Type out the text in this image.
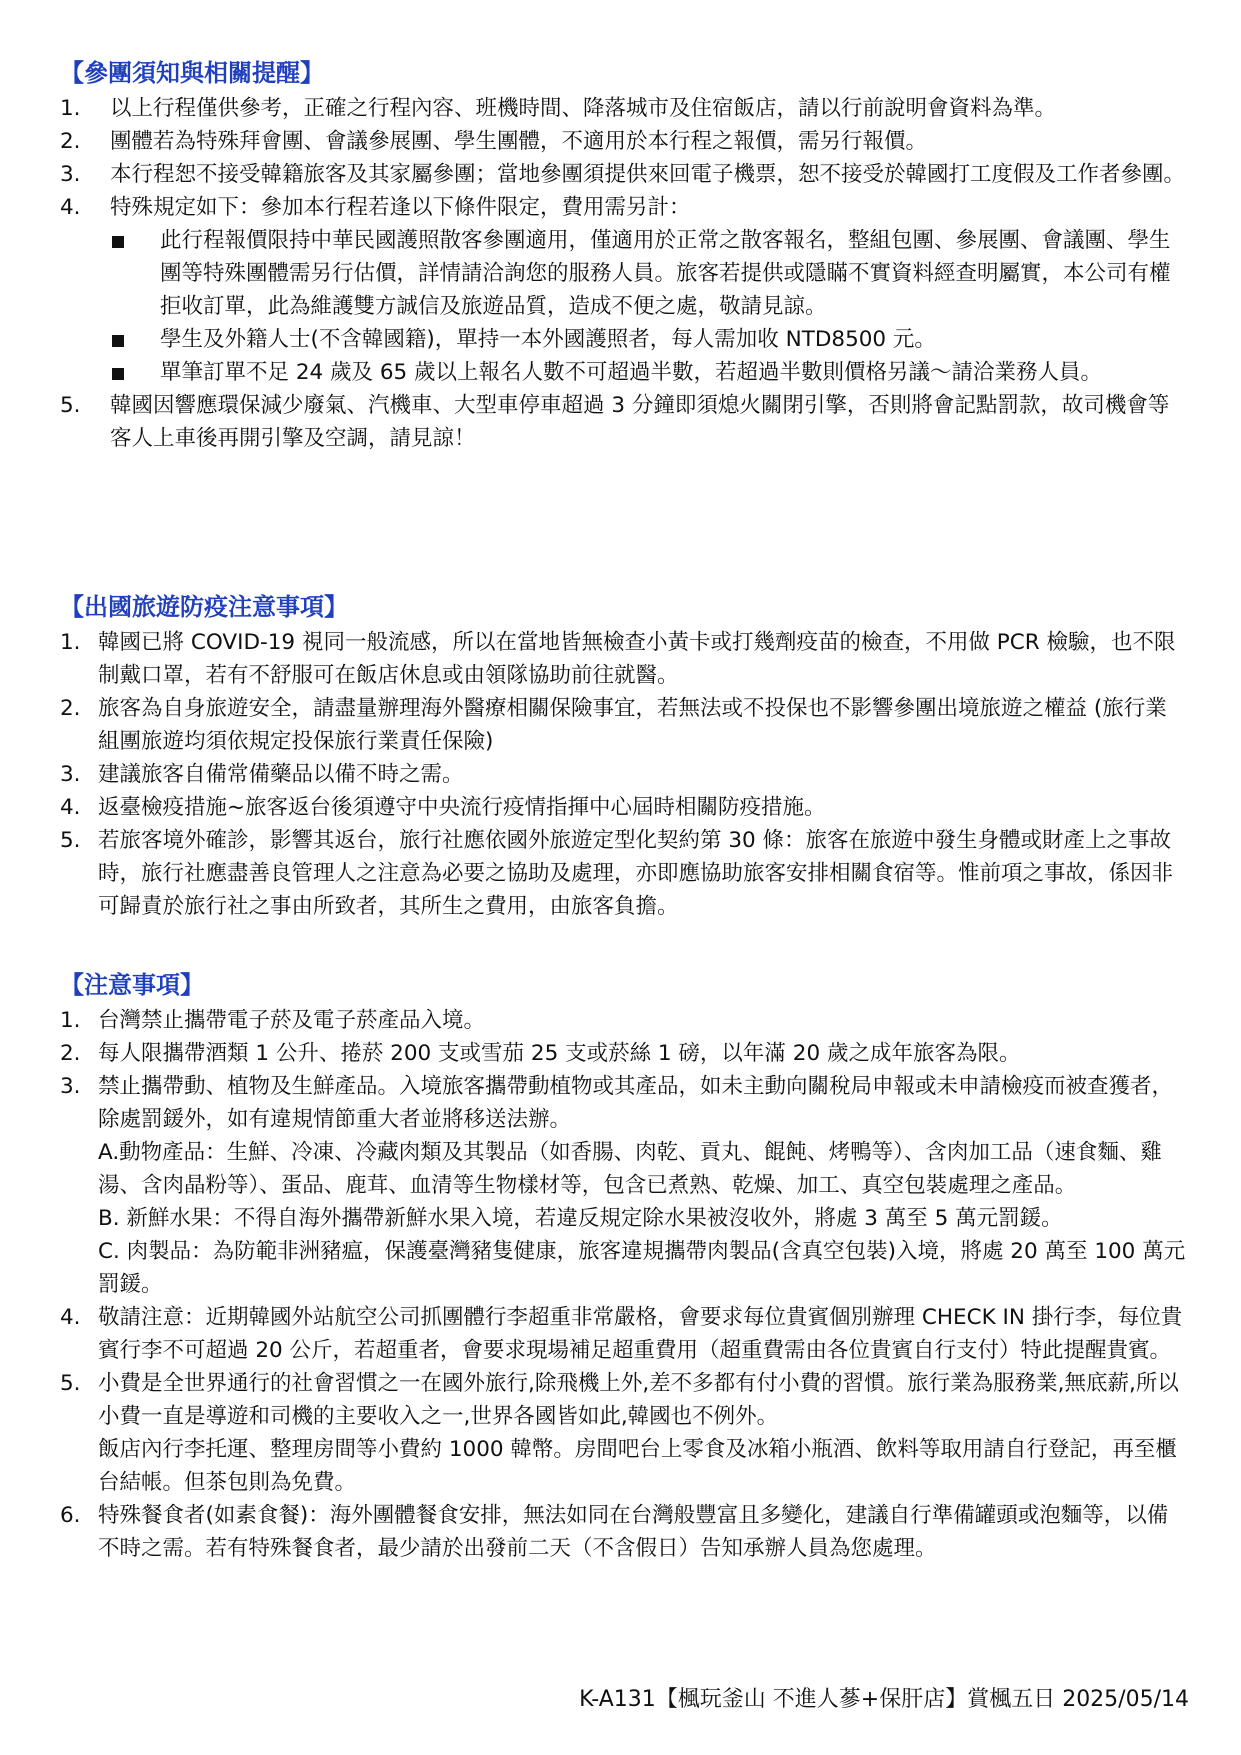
【參團須知與相關提醒】
1. 以上行程僅供參考，正確之行程內容、班機時間、降落城市及住宿飯店，請以行前說明會資料為準。
2. 團體若為特殊拜會團、會議參展團、學生團體，不適用於本行程之報價，需另行報價。
3. 本行程恕不接受韓籍旅客及其家屬參團；當地參團須提供來回電子機票，恕不接受於韓國打工度假及工作者參團。
4. 特殊規定如下：參加本行程若逢以下條件限定，費用需另計：
此行程報價限持中華民國護照散客參團適用，僅適用於正常之散客報名，整組包團、參展團、會議團、學生團等特殊團體需另行估價，詳情請洽詢您的服務人員。旅客若提供或隱瞞不實資料經查明屬實，本公司有權拒收訂單，此為維護雙方誠信及旅遊品質，造成不便之處，敬請見諒。
學生及外籍人士(不含韓國籍)，單持一本外國護照者，每人需加收 NTD8500 元。
單筆訂單不足 24 歲及 65 歲以上報名人數不可超過半數，若超過半數則價格另議～請洽業務人員。
5. 韓國因響應環保減少廢氣、汽機車、大型車停車超過 3 分鐘即須熄火關閉引擎，否則將會記點罰款，故司機會等客人上車後再開引擎及空調，請見諒！
【出國旅遊防疫注意事項】
1. 韓國已將 COVID-19 視同一般流感，所以在當地皆無檢查小黃卡或打幾劑疫苗的檢查，不用做 PCR 檢驗，也不限制戴口罩，若有不舒服可在飯店休息或由領隊協助前往就醫。
2. 旅客為自身旅遊安全，請盡量辦理海外醫療相關保險事宜，若無法或不投保也不影響參團出境旅遊之權益 (旅行業組團旅遊均須依規定投保旅行業責任保險)
3. 建議旅客自備常備藥品以備不時之需。
4. 返臺檢疫措施~旅客返台後須遵守中央流行疫情指揮中心屆時相關防疫措施。
5. 若旅客境外確診，影響其返台，旅行社應依國外旅遊定型化契約第 30 條：旅客在旅遊中發生身體或財產上之事故時，旅行社應盡善良管理人之注意為必要之協助及處理，亦即應協助旅客安排相關食宿等。惟前項之事故，係因非可歸責於旅行社之事由所致者，其所生之費用，由旅客負擔。
【注意事項】
1. 台灣禁止攜帶電子菸及電子菸產品入境。
2. 每人限攜帶酒類 1 公升、捲菸 200 支或雪茄 25 支或菸絲 1 磅，以年滿 20 歲之成年旅客為限。
3. 禁止攜帶動、植物及生鮮產品。入境旅客攜帶動植物或其產品，如未主動向關稅局申報或未申請檢疫而被查獲者，除處罰鍰外，如有違規情節重大者並將移送法辦。
A.動物產品：生鮮、冷凍、冷藏肉類及其製品（如香腸、肉乾、貢丸、餛飩、烤鴨等）、含肉加工品（速食麵、雞湯、含肉晶粉等）、蛋品、鹿茸、血清等生物樣材等，包含已煮熟、乾燥、加工、真空包裝處理之產品。
B. 新鮮水果：不得自海外攜帶新鮮水果入境，若違反規定除水果被沒收外，將處 3 萬至 5 萬元罰鍰。
C. 肉製品：為防範非洲豬瘟，保護臺灣豬隻健康，旅客違規攜帶肉製品(含真空包裝)入境，將處 20 萬至 100 萬元罰鍰。
4. 敬請注意：近期韓國外站航空公司抓團體行李超重非常嚴格，會要求每位貴賓個別辦理 CHECK IN 掛行李，每位貴賓行李不可超過 20 公斤，若超重者，會要求現場補足超重費用（超重費需由各位貴賓自行支付）特此提醒貴賓。
5. 小費是全世界通行的社會習慣之一在國外旅行,除飛機上外,差不多都有付小費的習慣。旅行業為服務業,無底薪,所以小費一直是導遊和司機的主要收入之一,世界各國皆如此,韓國也不例外。
飯店內行李托運、整理房間等小費約 1000 韓幣。房間吧台上零食及冰箱小瓶酒、飲料等取用請自行登記，再至櫃台結帳。但茶包則為免費。
6. 特殊餐食者(如素食餐)：海外團體餐食安排，無法如同在台灣般豐富且多變化，建議自行準備罐頭或泡麵等，以備不時之需。若有特殊餐食者，最少請於出發前二天（不含假日）告知承辦人員為您處理。
K-A131【楓玩釜山 不進人蔘+保肝店】賞楓五日 2025/05/14
